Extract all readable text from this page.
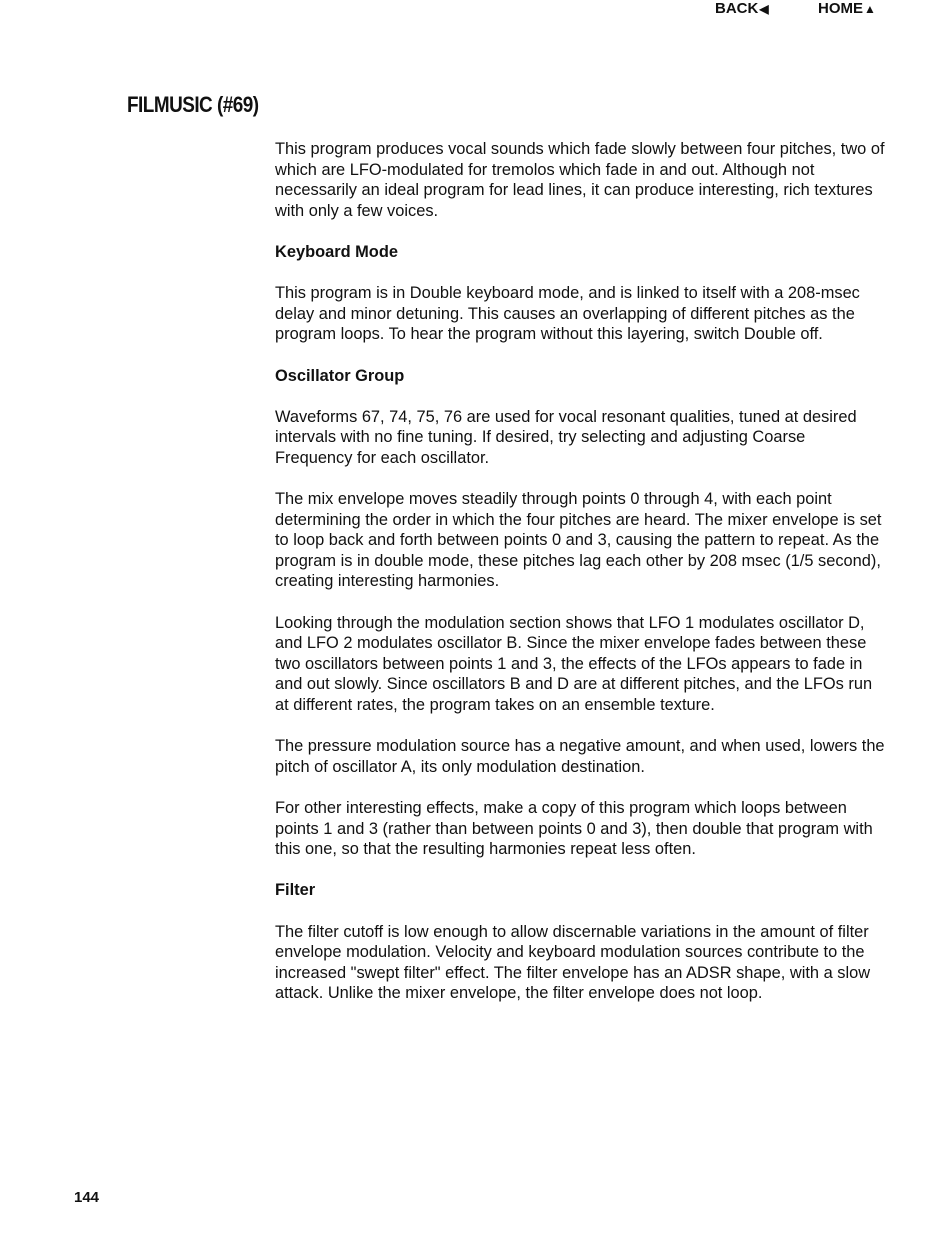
BACK◀	HOME▲
FILMUSIC (#69)

This program produces vocal sounds which fade slowly between four pitches, two of which are LFO-modulated for tremolos which fade in and out. Although not necessarily an ideal program for lead lines, it can produce interesting, rich textures with only a few voices.

Keyboard Mode

This program is in Double keyboard mode, and is linked to itself with a 208-msec delay and minor detuning. This causes an overlapping of different pitches as the program loops. To hear the program without this layering, switch Double off.

Oscillator Group

Waveforms 67, 74, 75, 76 are used for vocal resonant qualities, tuned at desired intervals with no fine tuning. If desired, try selecting and adjusting Coarse Frequency for each oscillator.

The mix envelope moves steadily through points 0 through 4, with each point determining the order in which the four pitches are heard. The mixer envelope is set to loop back and forth between points 0 and 3, causing the pattern to repeat. As the program is in double mode, these pitches lag each other by 208 msec (1/5 second), creating interesting harmonies.

Looking through the modulation section shows that LFO 1 modulates oscillator D, and LFO 2 modulates oscillator B. Since the mixer envelope fades between these two oscillators between points 1 and 3, the effects of the LFOs appears to fade in and out slowly. Since oscillators B and D are at different pitches, and the LFOs run at different rates, the program takes on an ensemble texture.

The pressure modulation source has a negative amount, and when used, lowers the pitch of oscillator A, its only modulation destination.

For other interesting effects, make a copy of this program which loops between points 1 and 3 (rather than between points 0 and 3), then double that program with this one, so that the resulting harmonies repeat less often.

Filter

The filter cutoff is low enough to allow discernable variations in the amount of filter envelope modulation. Velocity and keyboard modulation sources contribute to the increased "swept filter" effect. The filter envelope has an ADSR shape, with a slow attack. Unlike the mixer envelope, the filter envelope does not loop.

144
